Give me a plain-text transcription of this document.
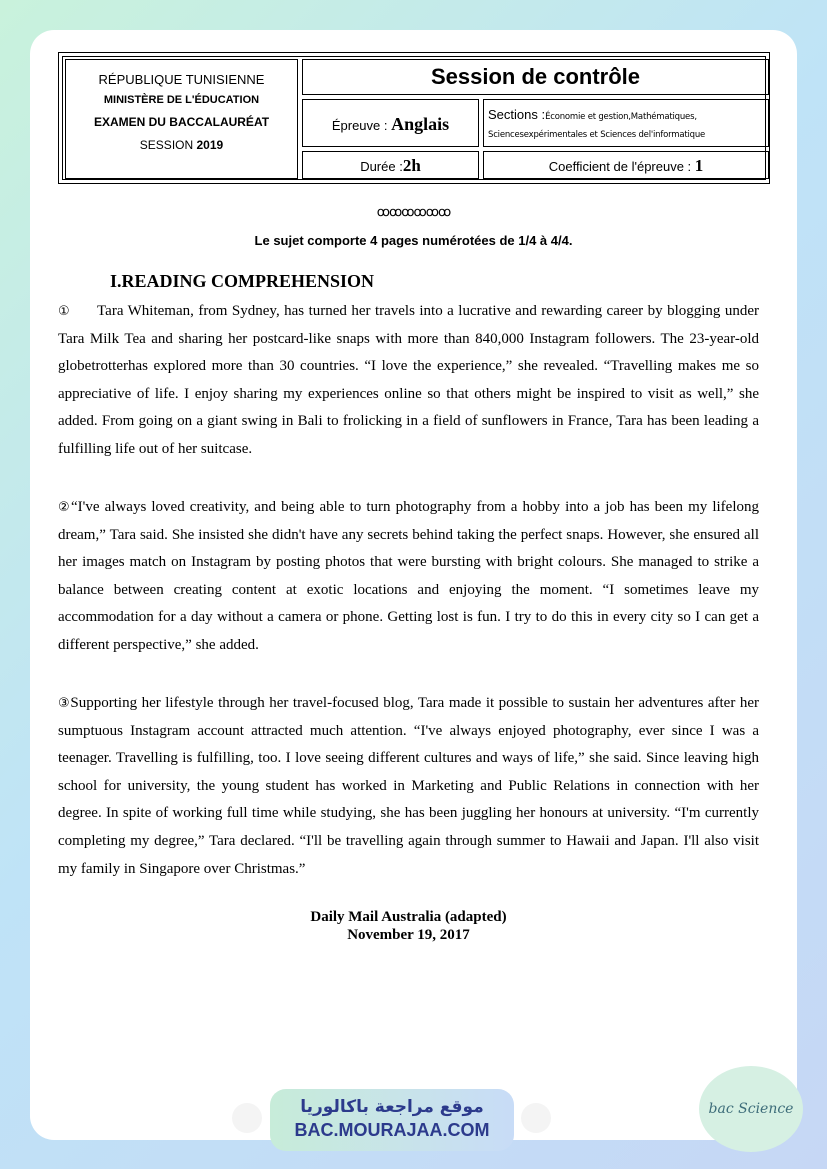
RÉPUBLIQUE TUNISIENNE
MINISTÈRE DE L'ÉDUCATION
EXAMEN DU BACCALAURÉAT
SESSION 2019
Session de contrôle
Épreuve : Anglais	Sections :Économie et gestion,Mathématiques, Sciencesexpérimentales et Sciences del'informatique
Durée :2h	Coefficient de l'épreuve : 1
ꝏꝏꝏꝏꝏꝏ
Le sujet comporte 4 pages numérotées de 1/4 à 4/4.
I.READING COMPREHENSION

① Tara Whiteman, from Sydney, has turned her travels into a lucrative and rewarding career by blogging under Tara Milk Tea and sharing her postcard-like snaps with more than 840,000 Instagram followers. The 23-year-old globetrotterhas explored more than 30 countries. “I love the experience,” she revealed. “Travelling makes me so appreciative of life. I enjoy sharing my experiences online so that others might be inspired to visit as well,” she added. From going on a giant swing in Bali to frolicking in a field of sunflowers in France, Tara has been leading a fulfilling life out of her suitcase.

②“I've always loved creativity, and being able to turn photography from a hobby into a job has been my lifelong dream,” Tara said. She insisted she didn't have any secrets behind taking the perfect snaps. However, she ensured all her images match on Instagram by posting photos that were bursting with bright colours. She managed to strike a balance between creating content at exotic locations and enjoying the moment. “I sometimes leave my accommodation for a day without a camera or phone. Getting lost is fun. I try to do this in every city so I can get a different perspective,” she added.

③Supporting her lifestyle through her travel-focused blog, Tara made it possible to sustain her adventures after her sumptuous Instagram account attracted much attention. “I've always enjoyed photography, ever since I was a teenager. Travelling is fulfilling, too. I love seeing different cultures and ways of life,” she said. Since leaving high school for university, the young student has worked in Marketing and Public Relations in connection with her degree. In spite of working full time while studying, she has been juggling her honours at university. “I'm currently completing my degree,” Tara declared. “I'll be travelling again through summer to Hawaii and Japan. I'll also visit my family in Singapore over Christmas.”

Daily Mail Australia (adapted)
November 19, 2017
موقع مراجعة باكالوريا
BAC.MOURAJAA.COM
bac Science
